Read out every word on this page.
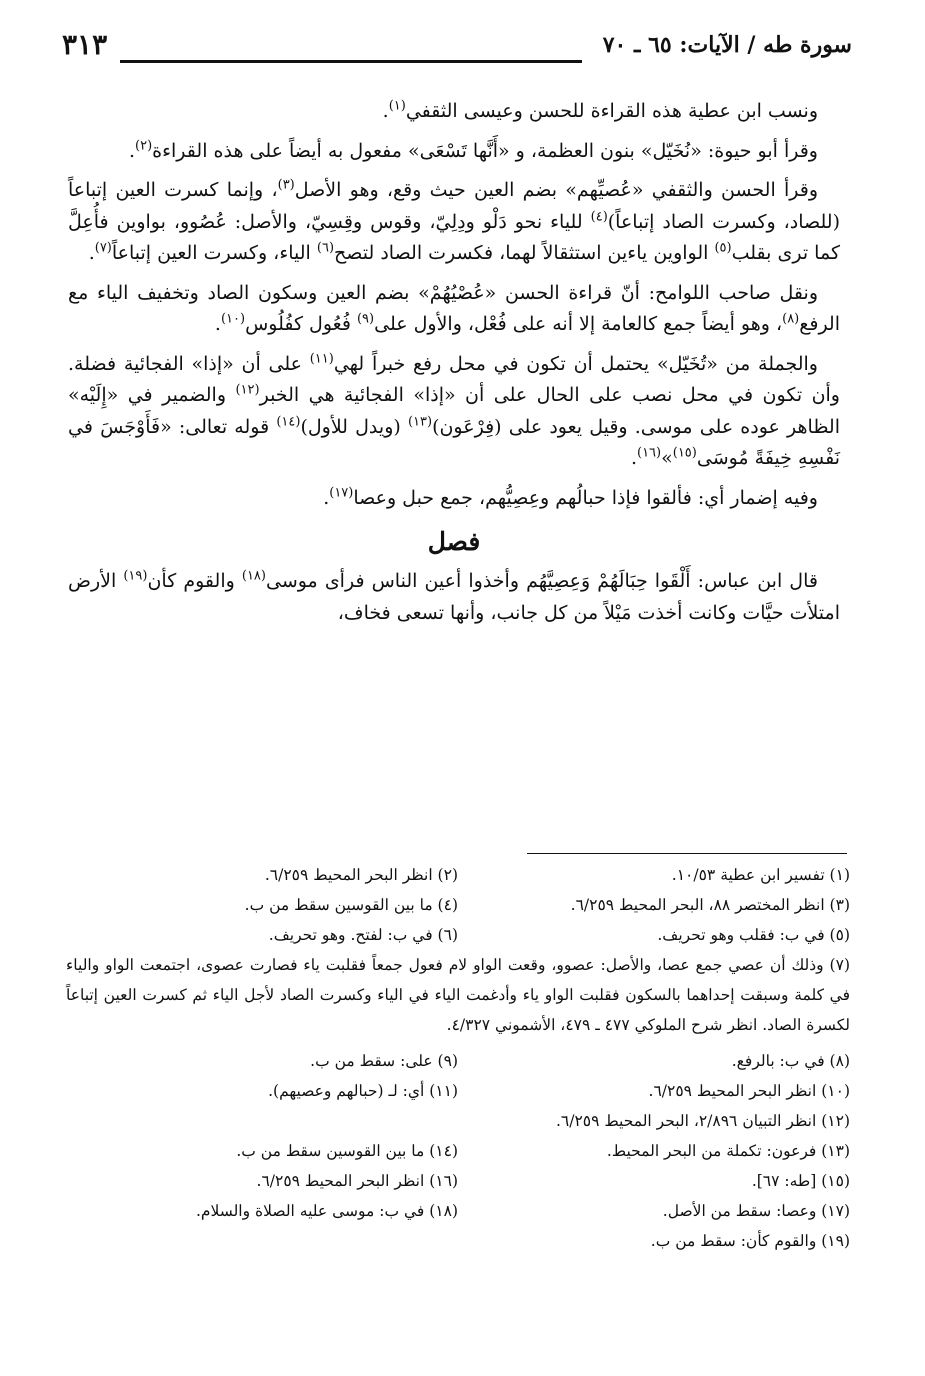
سورة طه / الآيات: ٦٥ ـ ٧٠
٣١٣

ونسب ابن عطية هذه القراءة للحسن وعيسى الثقفي$^{(١)}$.

وقرأ أبو حيوة: «نُخَيّل» بنون العظمة، و «أَنَّها تَسْعَى» مفعول به أيضاً على هذه القراءة$^{(٢)}$.

وقرأ الحسن والثقفي «عُصيِّهم» بضم العين حيث وقع، وهو الأصل$^{(٣)}$، وإنما كسرت العين إتباعاً (للصاد، وكسرت الصاد إتباعاً)$^{(٤)}$ للياء نحو دَلْو ودِلِيّ، وقوس وقِسِيّ، والأصل: عُصُوو، بواوين فأُعِلَّ كما ترى بقلب$^{(٥)}$ الواوين ياءين استثقالاً لهما، فكسرت الصاد لتصح$^{(٦)}$ الياء، وكسرت العين إتباعاً$^{(٧)}$.

ونقل صاحب اللوامح: أنّ قراءة الحسن «عُصْيُهُمْ» بضم العين وسكون الصاد وتخفيف الياء مع الرفع$^{(٨)}$، وهو أيضاً جمع كالعامة إلا أنه على فُعْل، والأول على$^{(٩)}$ فُعُول كفُلُوس$^{(١٠)}$.

والجملة من «تُخَيّل» يحتمل أن تكون في محل رفع خبراً لهي$^{(١١)}$ على أن «إذا» الفجائية فضلة. وأن تكون في محل نصب على الحال على أن «إذا» الفجائية هي الخبر$^{(١٢)}$ والضمير في «إِلَيْه» الظاهر عوده على موسى. وقيل يعود على (فِرْعَون)$^{(١٣)}$ (ويدل للأول)$^{(١٤)}$ قوله تعالى: «فَأَوْجَسَ في نَفْسِهِ خِيفَةً مُوسَى$^{(١٥)}$»$^{(١٦)}$.

وفيه إضمار أي: فألقوا فإذا حبالُهم وعِصِيُّهم، جمع حبل وعصا$^{(١٧)}$.

فصل

قال ابن عباس: أَلْقَوا حِبَالَهُمْ وَعِصِيَّهُم وأخذوا أعين الناس فرأى موسى$^{(١٨)}$ والقوم كأن$^{(١٩)}$ الأرض امتلأت حيَّات وكانت أخذت مَيْلاً من كل جانب، وأنها تسعى فخاف،

(١) تفسير ابن عطية ١٠/٥٣.
(٢) انظر البحر المحيط ٦/٢٥٩.
(٣) انظر المختصر ٨٨، البحر المحيط ٦/٢٥٩.
(٤) ما بين القوسين سقط من ب.
(٥) في ب: فقلب وهو تحريف.
(٦) في ب: لفتح. وهو تحريف.
(٧) وذلك أن عصي جمع عصا، والأصل: عصوو، وقعت الواو لام فعول جمعاً فقلبت ياء فصارت عصوى، اجتمعت الواو والياء في كلمة وسبقت إحداهما بالسكون فقلبت الواو ياء وأدغمت الياء في الياء وكسرت الصاد لأجل الياء ثم كسرت العين إتباعاً لكسرة الصاد. انظر شرح الملوكي ٤٧٧ ـ ٤٧٩، الأشموني ٤/٣٢٧.
(٨) في ب: بالرفع.
(٩) على: سقط من ب.
(١٠) انظر البحر المحيط ٦/٢٥٩.
(١١) أي: لـ (حبالهم وعصيهم).
(١٢) انظر التبيان ٢/٨٩٦، البحر المحيط ٦/٢٥٩.
(١٣) فرعون: تكملة من البحر المحيط.
(١٤) ما بين القوسين سقط من ب.
(١٥) [طه: ٦٧].
(١٦) انظر البحر المحيط ٦/٢٥٩.
(١٧) وعصا: سقط من الأصل.
(١٨) في ب: موسى عليه الصلاة والسلام.
(١٩) والقوم كأن: سقط من ب.
